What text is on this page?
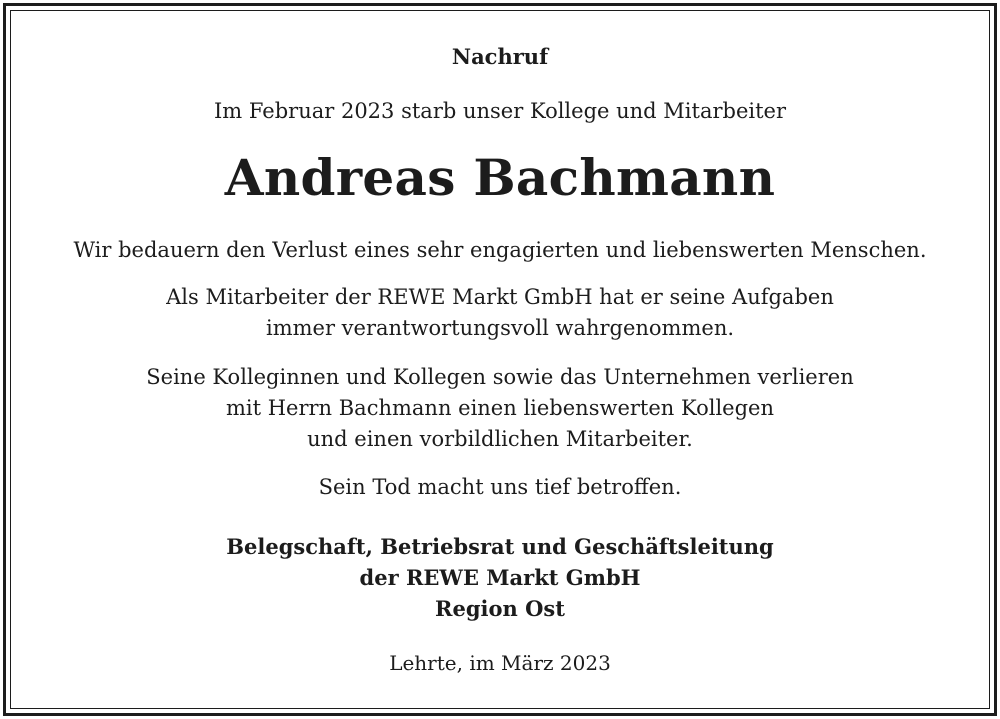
Nachruf
Im Februar 2023 starb unser Kollege und Mitarbeiter
Andreas Bachmann
Wir bedauern den Verlust eines sehr engagierten und liebenswerten Menschen.
Als Mitarbeiter der REWE Markt GmbH hat er seine Aufgaben
immer verantwortungsvoll wahrgenommen.
Seine Kolleginnen und Kollegen sowie das Unternehmen verlieren
mit Herrn Bachmann einen liebenswerten Kollegen
und einen vorbildlichen Mitarbeiter.
Sein Tod macht uns tief betroffen.
Belegschaft, Betriebsrat und Geschäftsleitung
der REWE Markt GmbH
Region Ost
Lehrte, im März 2023
